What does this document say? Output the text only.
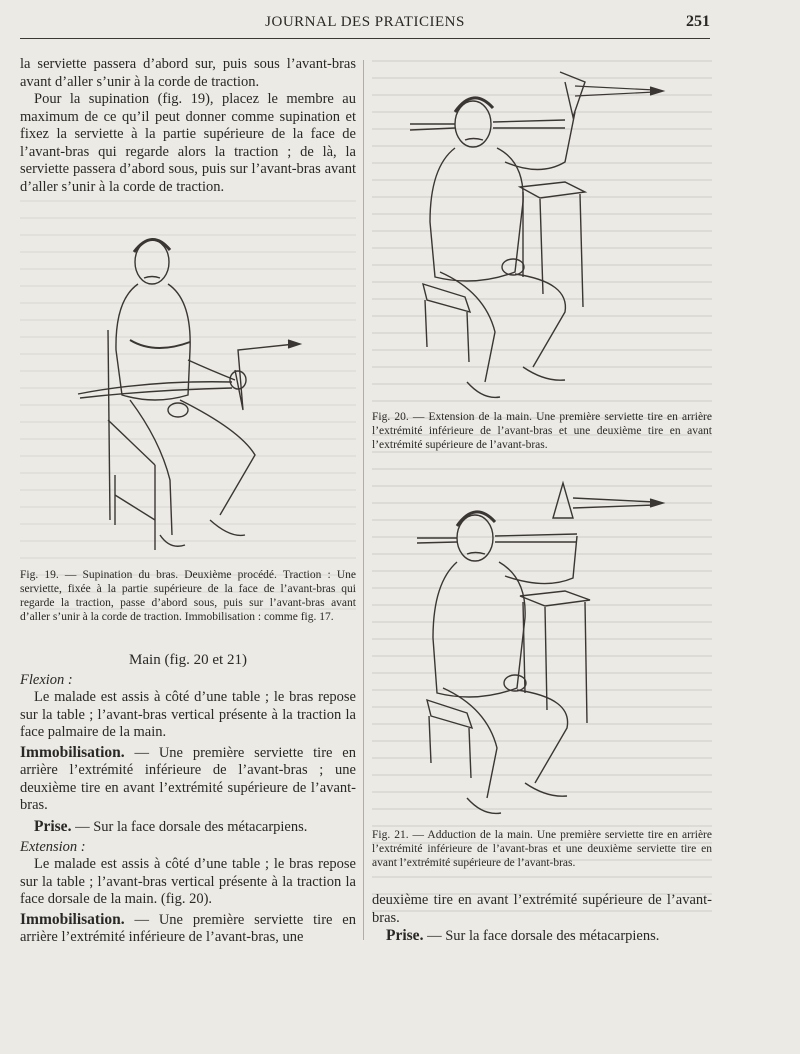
JOURNAL DES PRATICIENS	251

la serviette passera d’abord sur, puis sous l’avant-bras avant d’aller s’unir à la corde de traction.

Pour la supination (fig. 19), placez le membre au maximum de ce qu’il peut donner comme supination et fixez la serviette à la partie supérieure de la face de l’avant-bras qui regarde alors la traction ; de là, la serviette passera d’abord sous, puis sur l’avant-bras avant d’aller s’unir à la corde de traction.

Fig. 19. — Supination du bras. Deuxième procédé. Traction : Une serviette, fixée à la partie supérieure de la face de l’avant-bras qui regarde la traction, passe d’abord sous, puis sur l’avant-bras avant d’aller s’unir à la corde de traction. Immobilisation : comme fig. 17.

Main (fig. 20 et 21)

Flexion :

Le malade est assis à côté d’une table ; le bras repose sur la table ; l’avant-bras vertical présente à la traction la face palmaire de la main.

Immobilisation. — Une première serviette tire en arrière l’extrémité inférieure de l’avant-bras ; une deuxième tire en avant l’extrémité supérieure de l’avant-bras.

Prise. — Sur la face dorsale des métacarpiens.

Extension :

Le malade est assis à côté d’une table ; le bras repose sur la table ; l’avant-bras vertical présente à la traction la face dorsale de la main. (fig. 20).

Immobilisation. — Une première serviette tire en arrière l’extrémité inférieure de l’avant-bras, une

Fig. 20. — Extension de la main. Une première serviette tire en arrière l’extrémité inférieure de l’avant-bras et une deuxième tire en avant l’extrémité supérieure de l’avant-bras.

Fig. 21. — Adduction de la main. Une première serviette tire en arrière l’extrémité inférieure de l’avant-bras et une deuxième serviette tire en avant l’extrémité supérieure de l’avant-bras.

deuxième tire en avant l’extrémité supérieure de l’avant-bras.

Prise. — Sur la face dorsale des métacarpiens.
